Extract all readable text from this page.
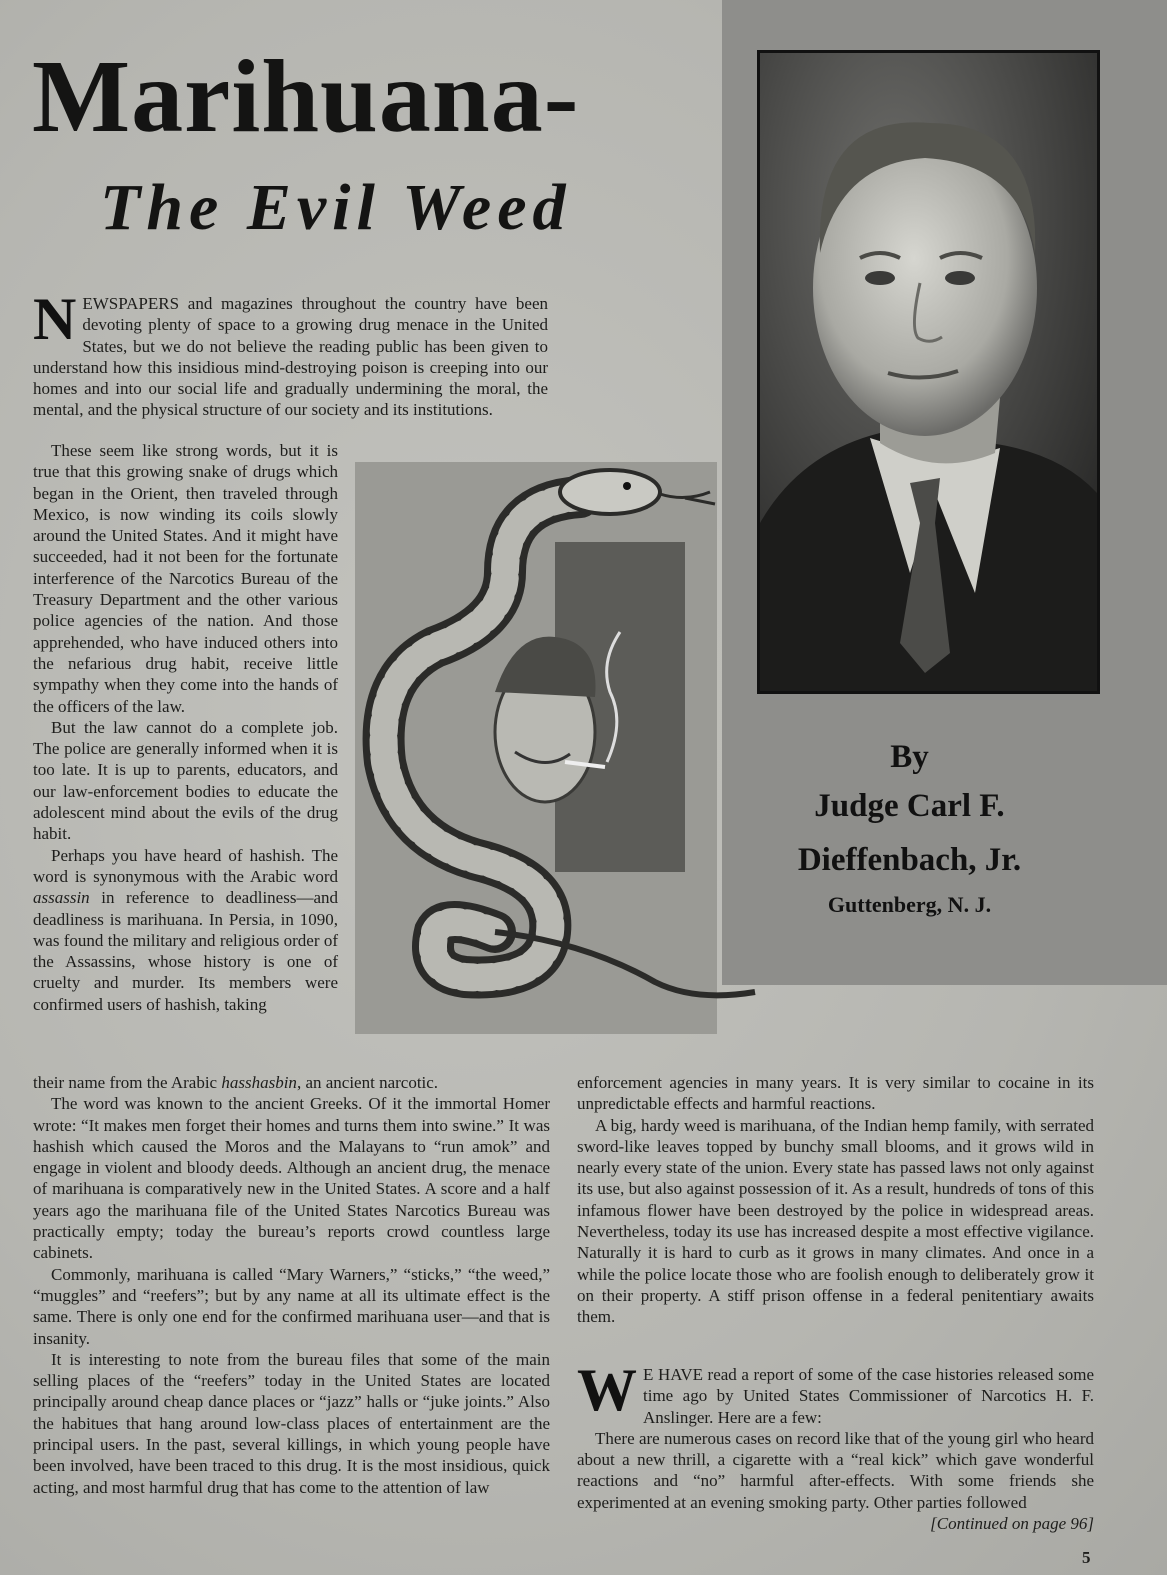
By
Judge Carl F.
Dieffenbach, Jr.
Guttenberg, N. J.
Marihuana-
The Evil Weed
N EWSPAPERS and magazines throughout the country have been devoting plenty of space to a growing drug menace in the United States, but we do not believe the reading public has been given to understand how this insidious mind-destroying poison is creeping into our homes and into our social life and gradually undermining the moral, the mental, and the physical structure of our society and its institutions.

These seem like strong words, but it is true that this growing snake of drugs which began in the Orient, then traveled through Mexico, is now winding its coils slowly around the United States. And it might have succeeded, had it not been for the fortunate interference of the Narcotics Bureau of the Treasury Department and the other various police agencies of the nation. And those apprehended, who have induced others into the nefarious drug habit, receive little sympathy when they come into the hands of the officers of the law.

But the law cannot do a complete job. The police are generally informed when it is too late. It is up to parents, educators, and our law-enforcement bodies to educate the adolescent mind about the evils of the drug habit.

Perhaps you have heard of hashish. The word is synonymous with the Arabic word assassin in reference to deadliness—and deadliness is marihuana. In Persia, in 1090, was found the military and religious order of the Assassins, whose history is one of cruelty and murder. Its members were confirmed users of hashish, taking

their name from the Arabic hasshasbin, an ancient narcotic.

The word was known to the ancient Greeks. Of it the immortal Homer wrote: “It makes men forget their homes and turns them into swine.” It was hashish which caused the Moros and the Malayans to “run amok” and engage in violent and bloody deeds. Although an ancient drug, the menace of marihuana is comparatively new in the United States. A score and a half years ago the marihuana file of the United States Narcotics Bureau was practically empty; today the bureau’s reports crowd countless large cabinets.

Commonly, marihuana is called “Mary Warners,” “sticks,” “the weed,” “muggles” and “reefers”; but by any name at all its ultimate effect is the same. There is only one end for the confirmed marihuana user—and that is insanity.

It is interesting to note from the bureau files that some of the main selling places of the “reefers” today in the United States are located principally around cheap dance places or “jazz” halls or “juke joints.” Also the habitues that hang around low-class places of entertainment are the principal users. In the past, several killings, in which young people have been involved, have been traced to this drug. It is the most insidious, quick acting, and most harmful drug that has come to the attention of law

enforcement agencies in many years. It is very similar to cocaine in its unpredictable effects and harmful reactions.

A big, hardy weed is marihuana, of the Indian hemp family, with serrated sword-like leaves topped by bunchy small blooms, and it grows wild in nearly every state of the union. Every state has passed laws not only against its use, but also against possession of it. As a result, hundreds of tons of this infamous flower have been destroyed by the police in widespread areas. Nevertheless, today its use has increased despite a most effective vigilance. Naturally it is hard to curb as it grows in many climates. And once in a while the police locate those who are foolish enough to deliberately grow it on their property. A stiff prison offense in a federal penitentiary awaits them.

W E HAVE read a report of some of the case histories released some time ago by United States Commissioner of Narcotics H. F. Anslinger. Here are a few:

There are numerous cases on record like that of the young girl who heard about a new thrill, a cigarette with a “real kick” which gave wonderful reactions and “no” harmful after-effects. With some friends she experimented at an evening smoking party. Other parties followed
[Continued on page 96]

5
